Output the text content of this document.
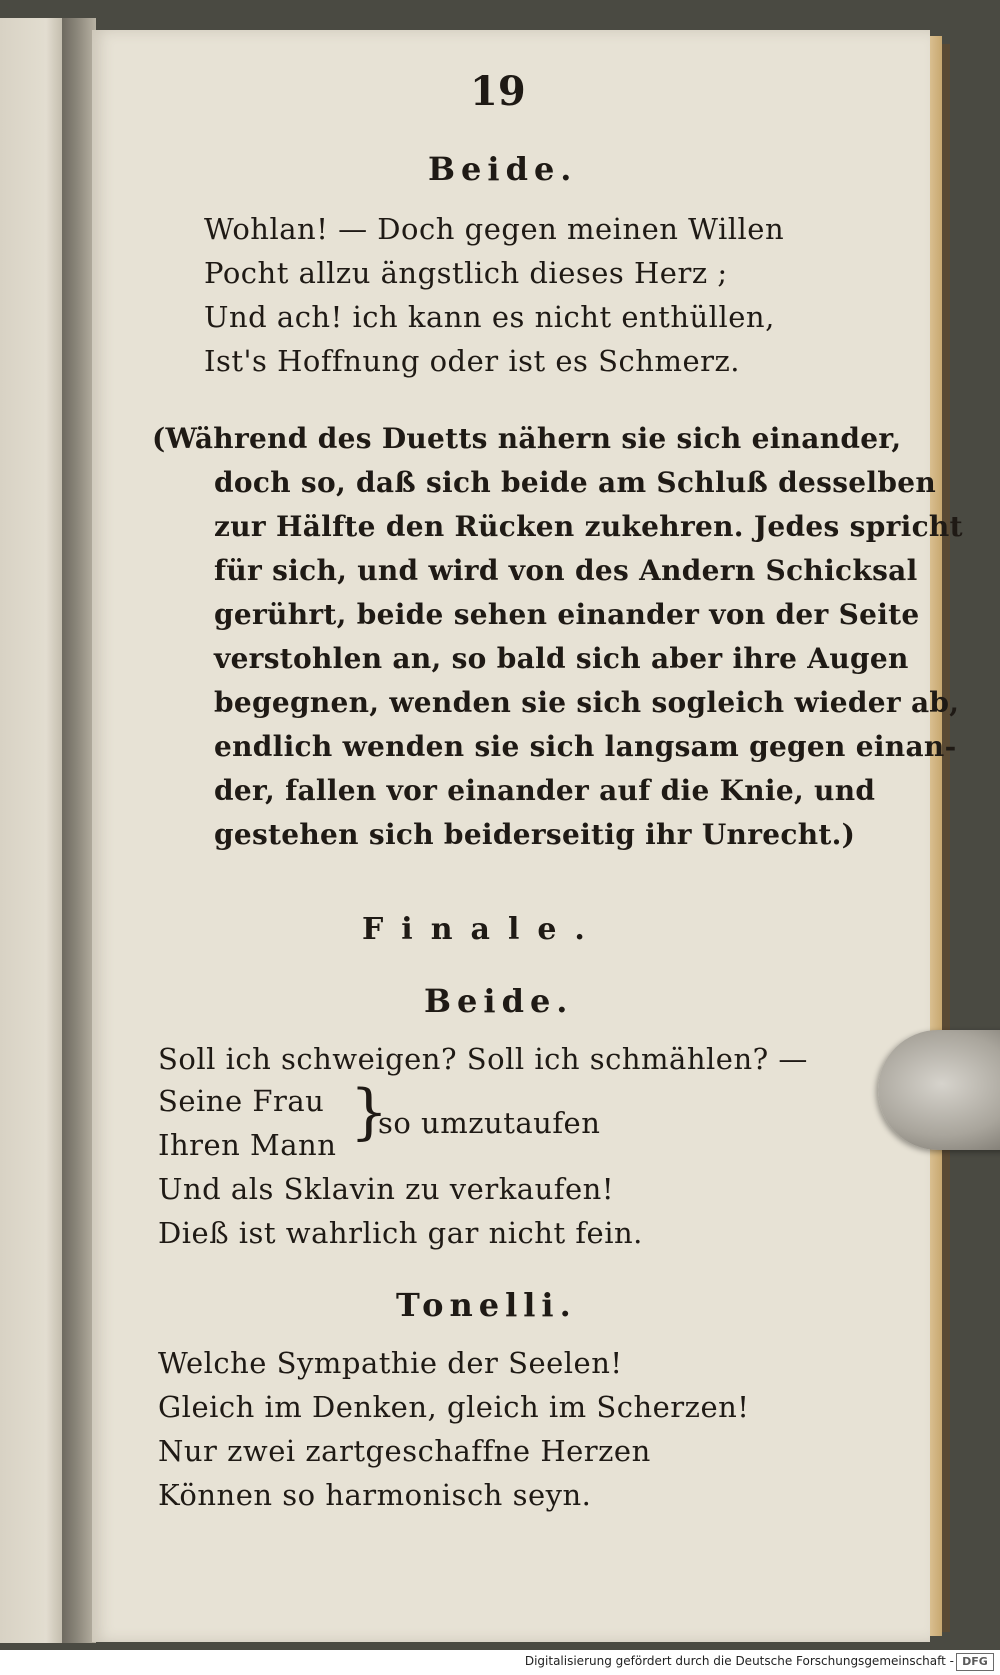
19
Beide.
Wohlan! — Doch gegen meinen Willen
Pocht allzu ängstlich dieses Herz ;
Und ach! ich kann es nicht enthüllen,
Ist's Hoffnung oder ist es Schmerz.
(Während des Duetts nähern sie sich einander,
doch so, daß sich beide am Schluß desselben
zur Hälfte den Rücken zukehren. Jedes spricht
für sich, und wird von des Andern Schicksal
gerührt, beide sehen einander von der Seite
verstohlen an, so bald sich aber ihre Augen
begegnen, wenden sie sich sogleich wieder ab,
endlich wenden sie sich langsam gegen einan-
der, fallen vor einander auf die Knie, und
gestehen sich beiderseitig ihr Unrecht.)
Finale.
Beide.
Soll ich schweigen? Soll ich schmählen? —
Seine Frau
Ihren Mann }
so umzutaufen
Und als Sklavin zu verkaufen!
Dieß ist wahrlich gar nicht fein.
Tonelli.
Welche Sympathie der Seelen!
Gleich im Denken, gleich im Scherzen!
Nur zwei zartgeschaffne Herzen
Können so harmonisch seyn.
Digitalisierung gefördert durch die Deutsche Forschungsgemeinschaft - DFG
